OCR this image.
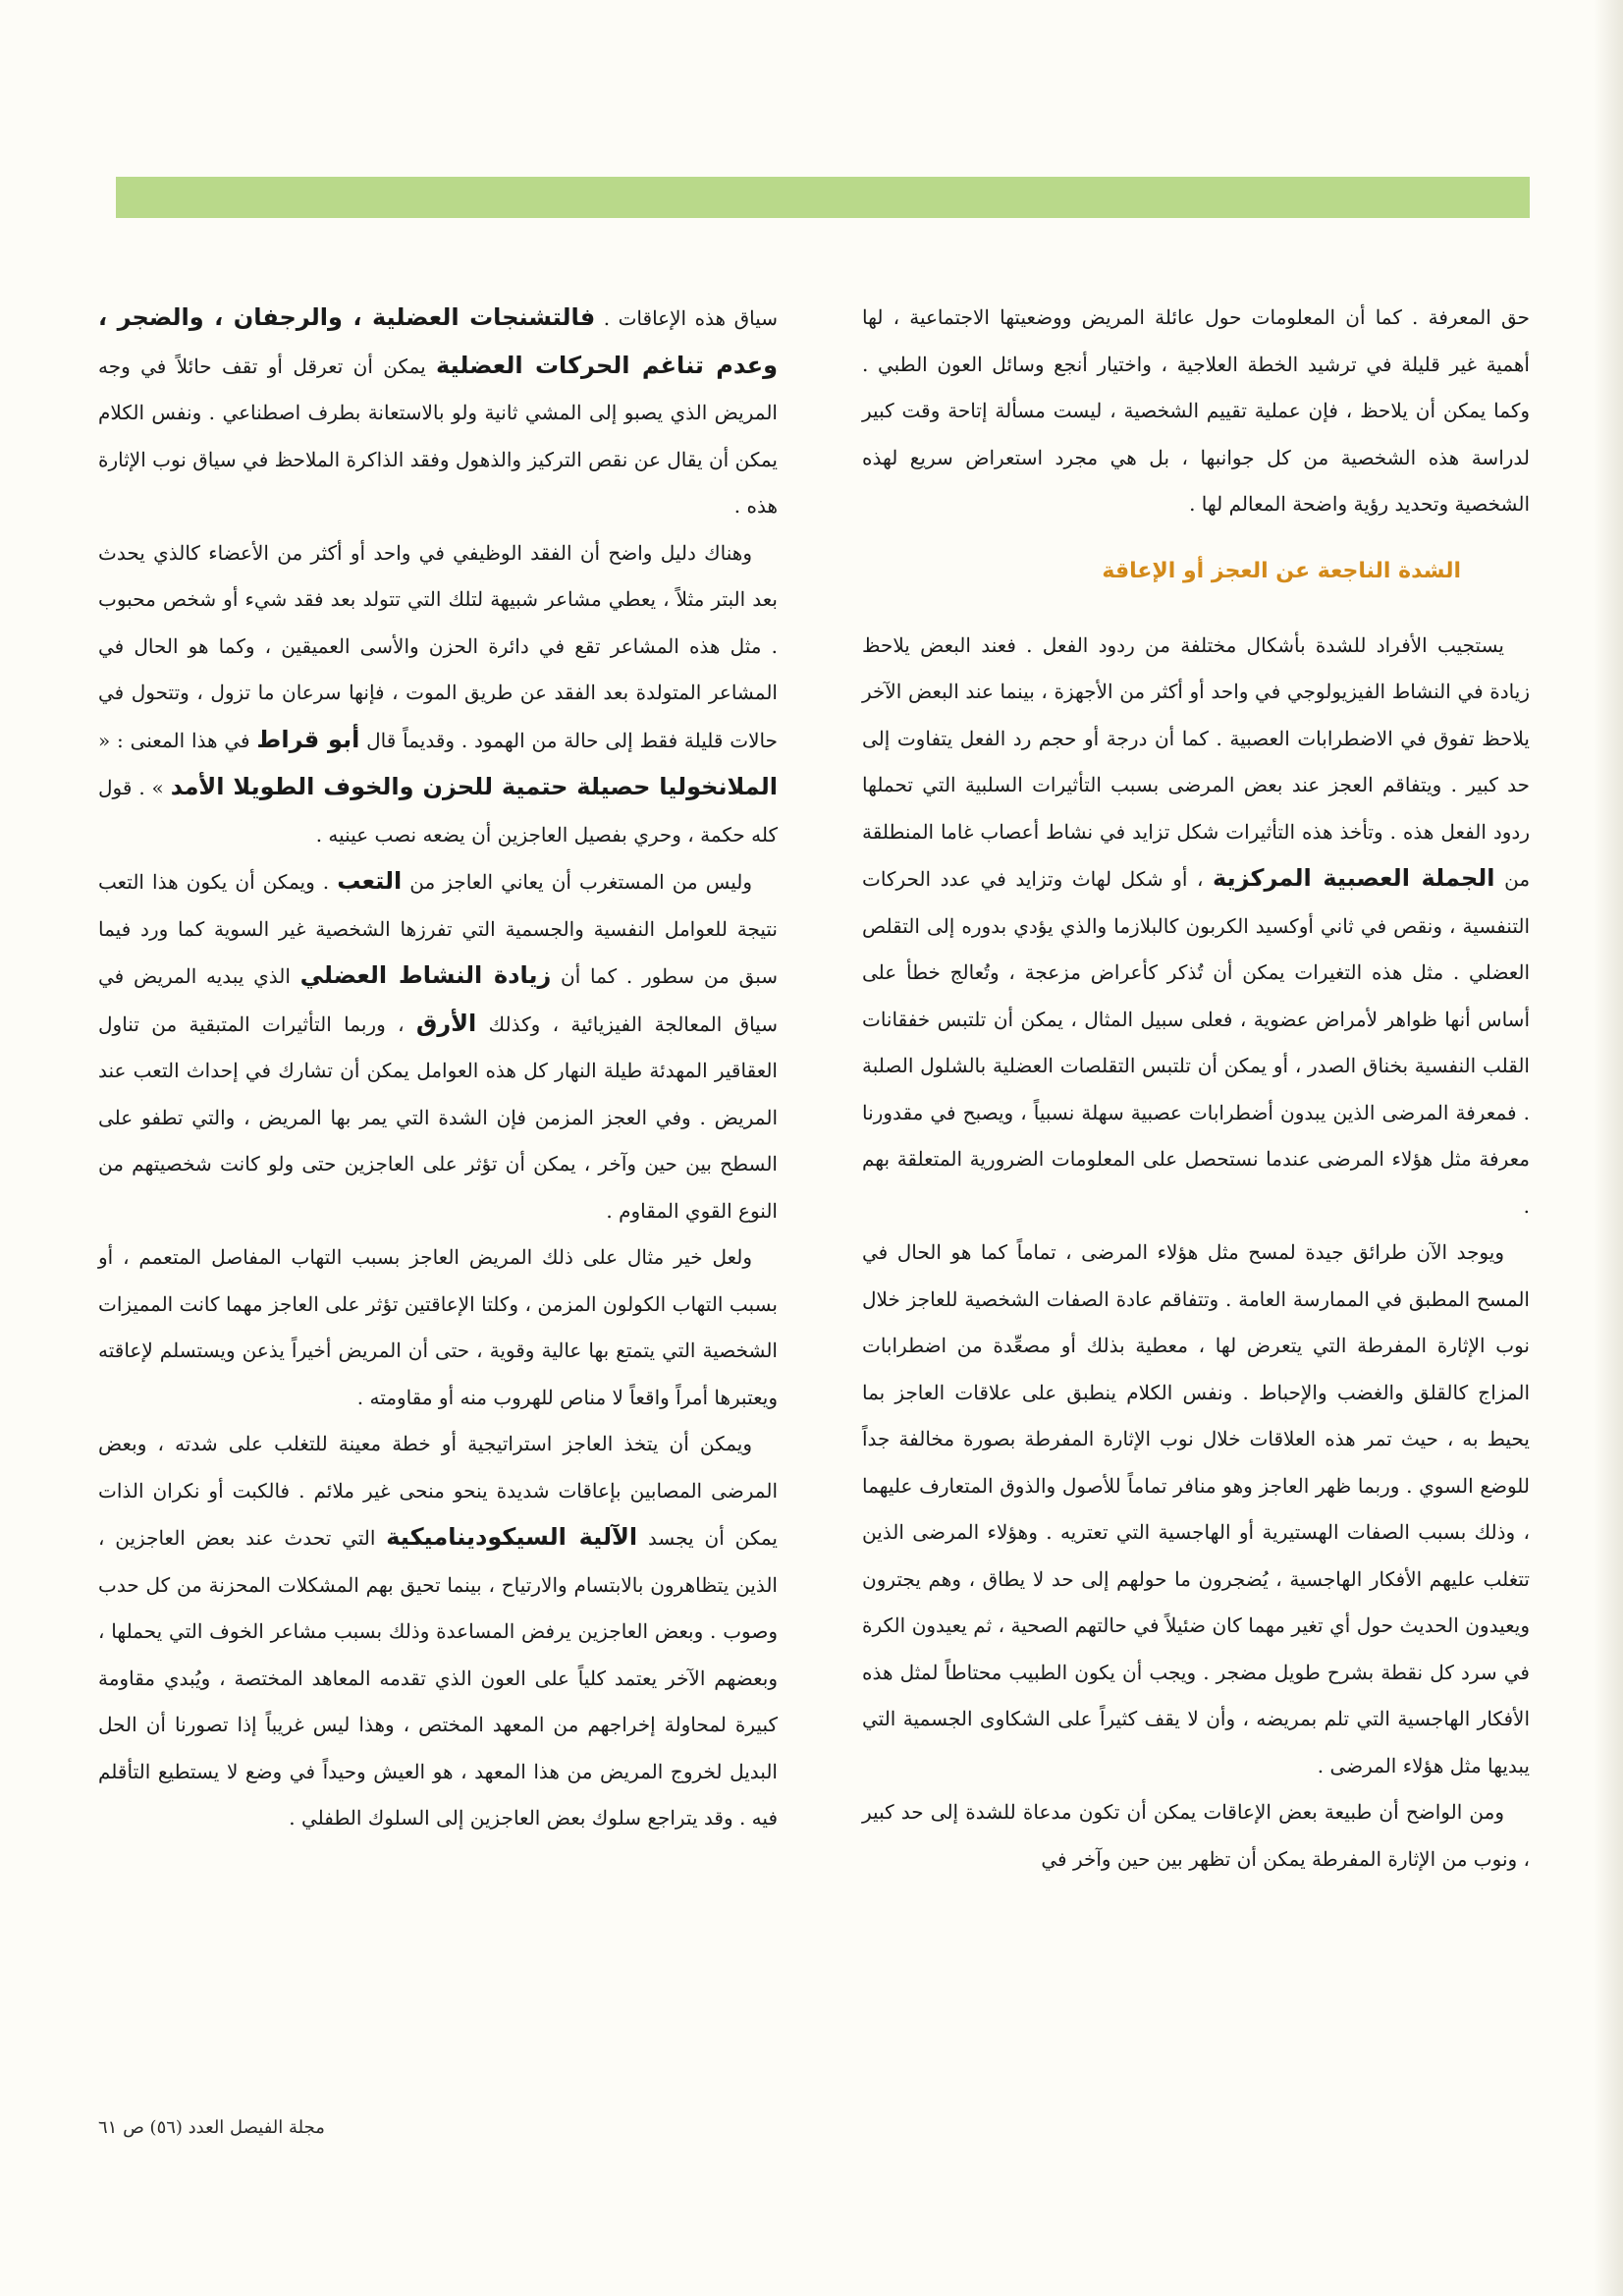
حق المعرفة . كما أن المعلومات حول عائلة المريض ووضعيتها الاجتماعية ، لها أهمية غير قليلة في ترشيد الخطة العلاجية ، واختيار أنجع وسائل العون الطبي . وكما يمكن أن يلاحظ ، فإن عملية تقييم الشخصية ، ليست مسألة إتاحة وقت كبير لدراسة هذه الشخصية من كل جوانبها ، بل هي مجرد استعراض سريع لهذه الشخصية وتحديد رؤية واضحة المعالم لها .

الشدة الناجعة عن العجز أو الإعاقة

يستجيب الأفراد للشدة بأشكال مختلفة من ردود الفعل . فعند البعض يلاحظ زيادة في النشاط الفيزيولوجي في واحد أو أكثر من الأجهزة ، بينما عند البعض الآخر يلاحظ تفوق في الاضطرابات العصبية . كما أن درجة أو حجم رد الفعل يتفاوت إلى حد كبير . ويتفاقم العجز عند بعض المرضى بسبب التأثيرات السلبية التي تحملها ردود الفعل هذه . وتأخذ هذه التأثيرات شكل تزايد في نشاط أعصاب غاما المنطلقة من الجملة العصبية المركزية ، أو شكل لهاث وتزايد في عدد الحركات التنفسية ، ونقص في ثاني أوكسيد الكربون كالبلازما والذي يؤدي بدوره إلى التقلص العضلي . مثل هذه التغيرات يمكن أن تُذكر كأعراض مزعجة ، وتُعالج خطأ على أساس أنها ظواهر لأمراض عضوية ، فعلى سبيل المثال ، يمكن أن تلتبس خفقانات القلب النفسية بخناق الصدر ، أو يمكن أن تلتبس التقلصات العضلية بالشلول الصلبة . فمعرفة المرضى الذين يبدون أضطرابات عصبية سهلة نسبياً ، ويصبح في مقدورنا معرفة مثل هؤلاء المرضى عندما نستحصل على المعلومات الضرورية المتعلقة بهم .

ويوجد الآن طرائق جيدة لمسح مثل هؤلاء المرضى ، تماماً كما هو الحال في المسح المطبق في الممارسة العامة . وتتفاقم عادة الصفات الشخصية للعاجز خلال نوب الإثارة المفرطة التي يتعرض لها ، معطية بذلك أو مصعِّدة من اضطرابات المزاج كالقلق والغضب والإحباط . ونفس الكلام ينطبق على علاقات العاجز بما يحيط به ، حيث تمر هذه العلاقات خلال نوب الإثارة المفرطة بصورة مخالفة جداً للوضع السوي . وربما ظهر العاجز وهو منافر تماماً للأصول والذوق المتعارف عليهما ، وذلك بسبب الصفات الهستيرية أو الهاجسية التي تعتريه . وهؤلاء المرضى الذين تتغلب عليهم الأفكار الهاجسية ، يُضجرون ما حولهم إلى حد لا يطاق ، وهم يجترون ويعيدون الحديث حول أي تغير مهما كان ضئيلاً في حالتهم الصحية ، ثم يعيدون الكرة في سرد كل نقطة بشرح طويل مضجر . ويجب أن يكون الطبيب محتاطاً لمثل هذه الأفكار الهاجسية التي تلم بمريضه ، وأن لا يقف كثيراً على الشكاوى الجسمية التي يبديها مثل هؤلاء المرضى .

ومن الواضح أن طبيعة بعض الإعاقات يمكن أن تكون مدعاة للشدة إلى حد كبير ، ونوب من الإثارة المفرطة يمكن أن تظهر بين حين وآخر في

سياق هذه الإعاقات . فالتشنجات العضلية ، والرجفان ، والضجر ، وعدم تناغم الحركات العضلية يمكن أن تعرقل أو تقف حائلاً في وجه المريض الذي يصبو إلى المشي ثانية ولو بالاستعانة بطرف اصطناعي . ونفس الكلام يمكن أن يقال عن نقص التركيز والذهول وفقد الذاكرة الملاحظ في سياق نوب الإثارة هذه .

وهناك دليل واضح أن الفقد الوظيفي في واحد أو أكثر من الأعضاء كالذي يحدث بعد البتر مثلاً ، يعطي مشاعر شبيهة لتلك التي تتولد بعد فقد شيء أو شخص محبوب . مثل هذه المشاعر تقع في دائرة الحزن والأسى العميقين ، وكما هو الحال في المشاعر المتولدة بعد الفقد عن طريق الموت ، فإنها سرعان ما تزول ، وتتحول في حالات قليلة فقط إلى حالة من الهمود . وقديماً قال أبو قراط في هذا المعنى : « الملانخوليا حصيلة حتمية للحزن والخوف الطويلا الأمد » . قول كله حكمة ، وحري بفصيل العاجزين أن يضعه نصب عينيه .

وليس من المستغرب أن يعاني العاجز من التعب . ويمكن أن يكون هذا التعب نتيجة للعوامل النفسية والجسمية التي تفرزها الشخصية غير السوية كما ورد فيما سبق من سطور . كما أن زيادة النشاط العضلي الذي يبديه المريض في سياق المعالجة الفيزيائية ، وكذلك الأرق ، وربما التأثيرات المتبقية من تناول العقاقير المهدئة طيلة النهار كل هذه العوامل يمكن أن تشارك في إحداث التعب عند المريض . وفي العجز المزمن فإن الشدة التي يمر بها المريض ، والتي تطفو على السطح بين حين وآخر ، يمكن أن تؤثر على العاجزين حتى ولو كانت شخصيتهم من النوع القوي المقاوم .

ولعل خير مثال على ذلك المريض العاجز بسبب التهاب المفاصل المتعمم ، أو بسبب التهاب الكولون المزمن ، وكلتا الإعاقتين تؤثر على العاجز مهما كانت المميزات الشخصية التي يتمتع بها عالية وقوية ، حتى أن المريض أخيراً يذعن ويستسلم لإعاقته ويعتبرها أمراً واقعاً لا مناص للهروب منه أو مقاومته .

ويمكن أن يتخذ العاجز استراتيجية أو خطة معينة للتغلب على شدته ، وبعض المرضى المصابين بإعاقات شديدة ينحو منحى غير ملائم . فالكبت أو نكران الذات يمكن أن يجسد الآلية السيكوديناميكية التي تحدث عند بعض العاجزين ، الذين يتظاهرون بالابتسام والارتياح ، بينما تحيق بهم المشكلات المحزنة من كل حدب وصوب . وبعض العاجزين يرفض المساعدة وذلك بسبب مشاعر الخوف التي يحملها ، وبعضهم الآخر يعتمد كلياً على العون الذي تقدمه المعاهد المختصة ، ويُبدي مقاومة كبيرة لمحاولة إخراجهم من المعهد المختص ، وهذا ليس غريباً إذا تصورنا أن الحل البديل لخروج المريض من هذا المعهد ، هو العيش وحيداً في وضع لا يستطيع التأقلم فيه . وقد يتراجع سلوك بعض العاجزين إلى السلوك الطفلي .

مجلة الفيصل العدد (٥٦) ص ٦١
